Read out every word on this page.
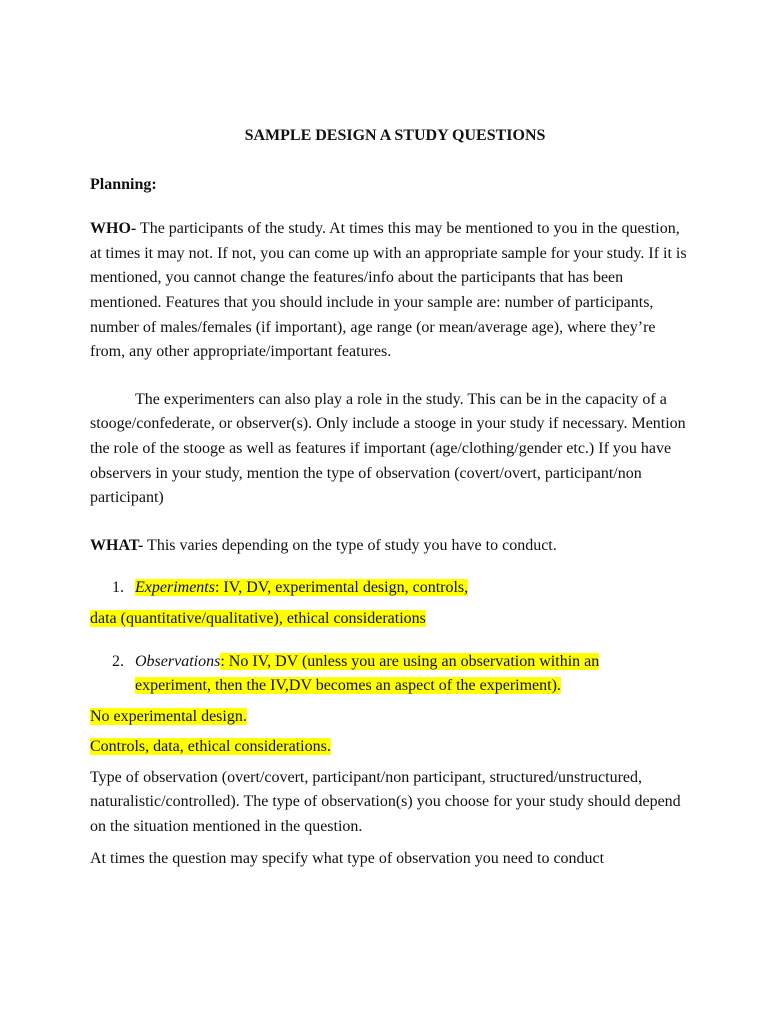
SAMPLE DESIGN A STUDY QUESTIONS

Planning:

WHO- The participants of the study. At times this may be mentioned to you in the question, at times it may not. If not, you can come up with an appropriate sample for your study. If it is mentioned, you cannot change the features/info about the participants that has been mentioned. Features that you should include in your sample are: number of participants, number of males/females (if important), age range (or mean/average age), where they’re from, any other appropriate/important features.

The experimenters can also play a role in the study. This can be in the capacity of a stooge/confederate, or observer(s). Only include a stooge in your study if necessary. Mention the role of the stooge as well as features if important (age/clothing/gender etc.) If you have observers in your study, mention the type of observation (covert/overt, participant/non participant)

WHAT- This varies depending on the type of study you have to conduct.

1. Experiments: IV, DV, experimental design, controls,

data (quantitative/qualitative), ethical considerations

2. Observations: No IV, DV (unless you are using an observation within an experiment, then the IV,DV becomes an aspect of the experiment).

No experimental design.

Controls, data, ethical considerations.

Type of observation (overt/covert, participant/non participant, structured/unstructured, naturalistic/controlled). The type of observation(s) you choose for your study should depend on the situation mentioned in the question.

At times the question may specify what type of observation you need to conduct
